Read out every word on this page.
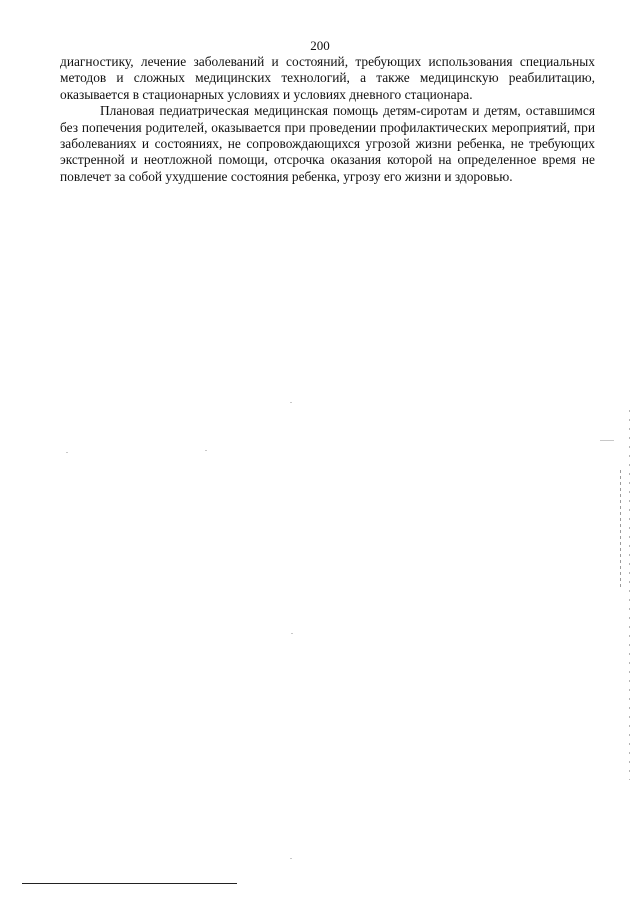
200

диагностику, лечение заболеваний и состояний, требующих использования специальных методов и сложных медицинских технологий, а также медицинскую реабилитацию, оказывается в стационарных условиях и условиях дневного стационара.

Плановая педиатрическая медицинская помощь детям-сиротам и детям, оставшимся без попечения родителей, оказывается при проведении профилактических мероприятий, при заболеваниях и состояниях, не сопровождающихся угрозой жизни ребенка, не требующих экстренной и неотложной помощи, отсрочка оказания которой на определенное время не повлечет за собой ухудшение состояния ребенка, угрозу его жизни и здоровью.
